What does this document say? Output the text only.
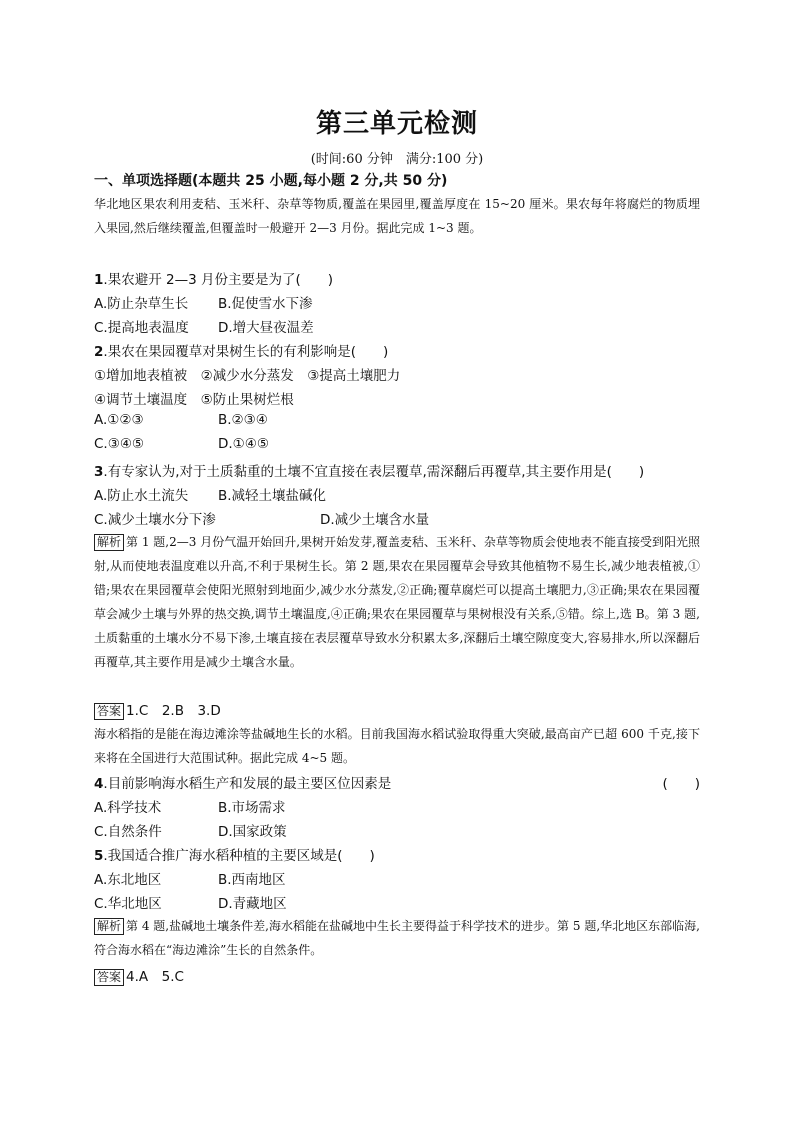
第三单元检测
(时间:60 分钟　满分:100 分)
一、单项选择题(本题共 25 小题,每小题 2 分,共 50 分)
华北地区果农利用麦秸、玉米秆、杂草等物质,覆盖在果园里,覆盖厚度在 15~20 厘米。果农每年将腐烂的物质埋入果园,然后继续覆盖,但覆盖时一般避开 2—3 月份。据此完成 1~3 题。
1.果农避开 2—3 月份主要是为了(　　)
A.防止杂草生长 B.促使雪水下渗
C.提高地表温度 D.增大昼夜温差
2.果农在果园覆草对果树生长的有利影响是(　　)
①增加地表植被　②减少水分蒸发　③提高土壤肥力
④调节土壤温度　⑤防止果树烂根
A.①②③	B.②③④
C.③④⑤	D.①④⑤
3.有专家认为,对于土质黏重的土壤不宜直接在表层覆草,需深翻后再覆草,其主要作用是(　　)
A.防止水土流失 B.减轻土壤盐碱化
C.减少土壤水分下渗	D.减少土壤含水量
解析 第 1 题,2—3 月份气温开始回升,果树开始发芽,覆盖麦秸、玉米秆、杂草等物质会使地表不能直接受到阳光照射,从而使地表温度难以升高,不利于果树生长。第 2 题,果农在果园覆草会导致其他植物不易生长,减少地表植被,①错;果农在果园覆草会使阳光照射到地面少,减少水分蒸发,②正确;覆草腐烂可以提高土壤肥力,③正确;果农在果园覆草会减少土壤与外界的热交换,调节土壤温度,④正确;果农在果园覆草与果树根没有关系,⑤错。综上,选 B。第 3 题,土质黏重的土壤水分不易下渗,土壤直接在表层覆草导致水分积累太多,深翻后土壤空隙度变大,容易排水,所以深翻后再覆草,其主要作用是减少土壤含水量。
答案 1.C　2.B　3.D
海水稻指的是能在海边滩涂等盐碱地生长的水稻。目前我国海水稻试验取得重大突破,最高亩产已超 600 千克,接下来将在全国进行大范围试种。据此完成 4~5 题。
4.目前影响海水稻生产和发展的最主要区位因素是	(　　)
A.科学技术	B.市场需求
C.自然条件	D.国家政策
5.我国适合推广海水稻种植的主要区域是(　　)
A.东北地区	B.西南地区
C.华北地区	D.青藏地区
解析 第 4 题,盐碱地土壤条件差,海水稻能在盐碱地中生长主要得益于科学技术的进步。第 5 题,华北地区东部临海,符合海水稻在“海边滩涂”生长的自然条件。
答案 4.A　5.C
